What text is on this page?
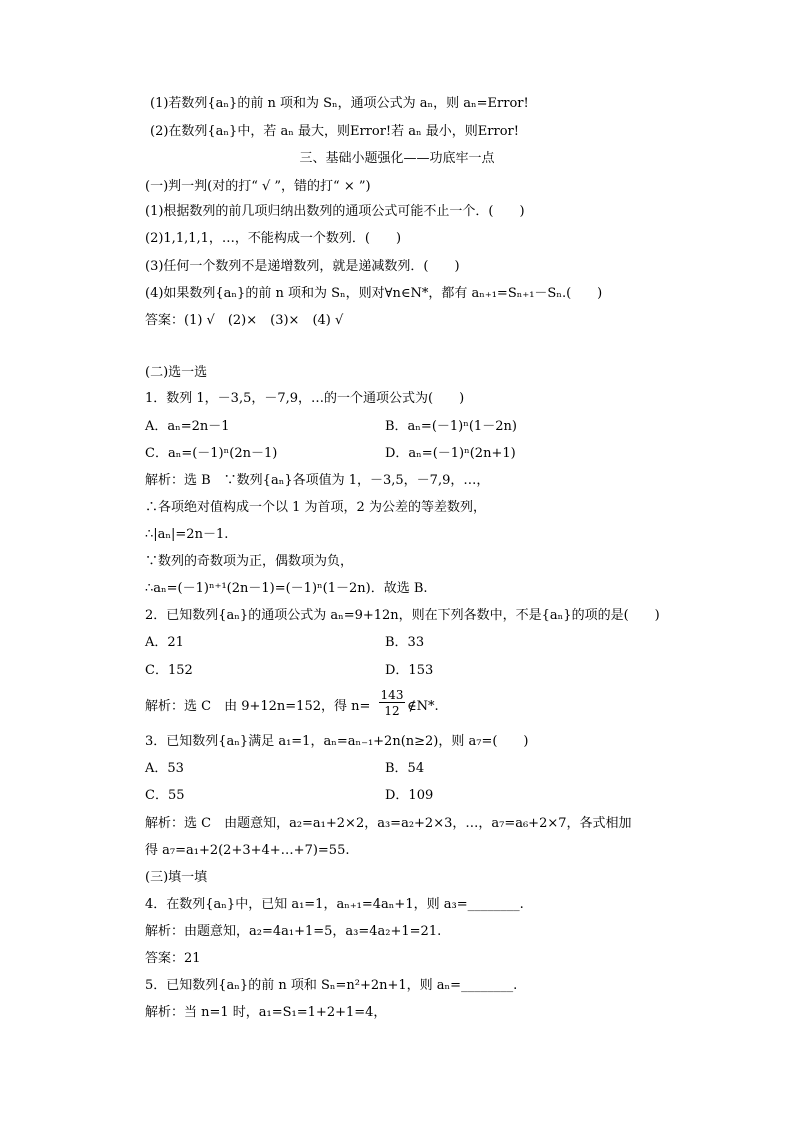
(1)若数列{aₙ}的前 n 项和为 Sₙ，通项公式为 aₙ，则 aₙ=Error!
(2)在数列{aₙ}中，若 aₙ 最大，则Error!若 aₙ 最小，则Error!
三、基础小题强化——功底牢一点
(一)判一判(对的打“ √ ”，错的打“ × ”)
(1)根据数列的前几项归纳出数列的通项公式可能不止一个．(　　)
(2)1,1,1,1，…，不能构成一个数列．(　　)
(3)任何一个数列不是递增数列，就是递减数列．(　　)
(4)如果数列{aₙ}的前 n 项和为 Sₙ，则对∀n∈N*，都有 aₙ₊₁=Sₙ₊₁－Sₙ.(　　)
答案：(1) √　(2)×　(3)×　(4) √
(二)选一选
1．数列 1，－3,5，－7,9，…的一个通项公式为(　　)
A．aₙ=2n－1	B．aₙ=(－1)ⁿ(1－2n)
C．aₙ=(－1)ⁿ(2n－1)	D．aₙ=(－1)ⁿ(2n+1)
解析：选 B　∵数列{aₙ}各项值为 1，－3,5，－7,9，…，
∴各项绝对值构成一个以 1 为首项，2 为公差的等差数列，
∴|aₙ|=2n－1.
∵数列的奇数项为正，偶数项为负，
∴aₙ=(－1)ⁿ⁺¹(2n－1)=(－1)ⁿ(1－2n)．故选 B.
2．已知数列{aₙ}的通项公式为 aₙ=9+12n，则在下列各数中，不是{aₙ}的项的是(　　)
A．21	B．33
C．152	D．153
解析：选 C　由 9+12n=152，得 n=
143
12 ∉N*.
3．已知数列{aₙ}满足 a₁=1，aₙ=aₙ₋₁+2n(n≥2)，则 a₇=(　　)
A．53	B．54
C．55	D．109
解析：选 C　由题意知，a₂=a₁+2×2，a₃=a₂+2×3，…，a₇=a₆+2×7，各式相加
得 a₇=a₁+2(2+3+4+…+7)=55.
(三)填一填
4．在数列{aₙ}中，已知 a₁=1，aₙ₊₁=4aₙ+1，则 a₃=________.
解析：由题意知，a₂=4a₁+1=5，a₃=4a₂+1=21.
答案：21
5．已知数列{aₙ}的前 n 项和 Sₙ=n²+2n+1，则 aₙ=________.
解析：当 n=1 时，a₁=S₁=1+2+1=4，
